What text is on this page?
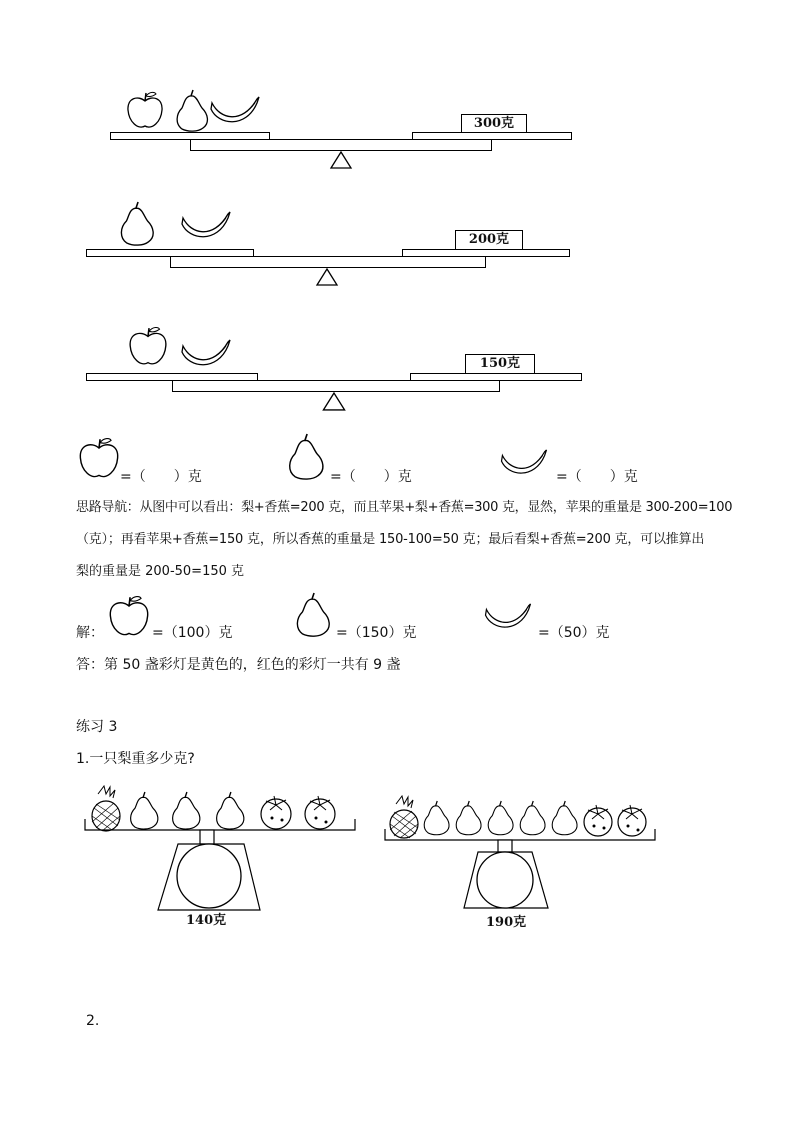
300克
200克
150克
=（　　）克	=（　　）克	=（　　）克
思路导航：从图中可以看出：梨+香蕉=200 克，而且苹果+梨+香蕉=300 克，显然，苹果的重量是 300-200=100
（克）；再看苹果+香蕉=150 克，所以香蕉的重量是 150-100=50 克；最后看梨+香蕉=200 克，可以推算出
梨的重量是 200-50=150 克
解：	=（100）克	=（150）克	=（50）克
答：第 50 盏彩灯是黄色的，红色的彩灯一共有 9 盏
练习 3
1.一只梨重多少克?
140克	190克
2.
